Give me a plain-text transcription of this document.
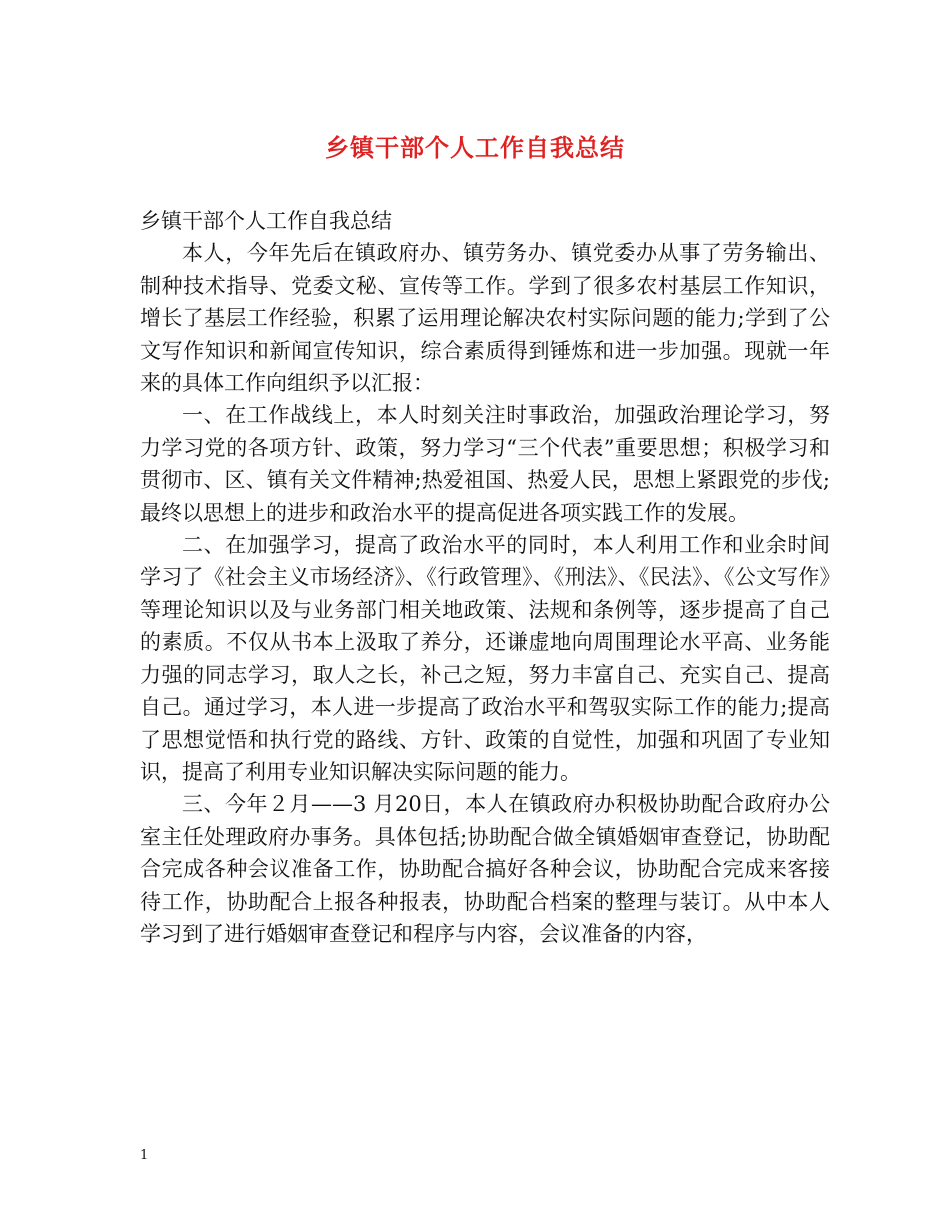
乡镇干部个人工作自我总结

乡镇干部个人工作自我总结

本人，今年先后在镇政府办、镇劳务办、镇党委办从事了劳务输出、制种技术指导、党委文秘、宣传等工作。学到了很多农村基层工作知识，增长了基层工作经验，积累了运用理论解决农村实际问题的能力;学到了公文写作知识和新闻宣传知识，综合素质得到锤炼和进一步加强。现就一年来的具体工作向组织予以汇报：

一、在工作战线上，本人时刻关注时事政治，加强政治理论学习，努力学习党的各项方针、政策，努力学习“三个代表”重要思想；积极学习和贯彻市、区、镇有关文件精神;热爱祖国、热爱人民，思想上紧跟党的步伐;最终以思想上的进步和政治水平的提高促进各项实践工作的发展。

二、在加强学习，提高了政治水平的同时，本人利用工作和业余时间学习了《社会主义市场经济》、《行政管理》、《刑法》、《民法》、《公文写作》等理论知识以及与业务部门相关地政策、法规和条例等，逐步提高了自己的素质。不仅从书本上汲取了养分，还谦虚地向周围理论水平高、业务能力强的同志学习，取人之长，补己之短，努力丰富自己、充实自己、提高自己。通过学习，本人进一步提高了政治水平和驾驭实际工作的能力;提高了思想觉悟和执行党的路线、方针、政策的自觉性，加强和巩固了专业知识，提高了利用专业知识解决实际问题的能力。

三、今年２月——3 月20日，本人在镇政府办积极协助配合政府办公室主任处理政府办事务。具体包括;协助配合做全镇婚姻审查登记，协助配合完成各种会议准备工作，协助配合搞好各种会议，协助配合完成来客接待工作，协助配合上报各种报表，协助配合档案的整理与装订。从中本人学习到了进行婚姻审查登记和程序与内容，会议准备的内容，

1
